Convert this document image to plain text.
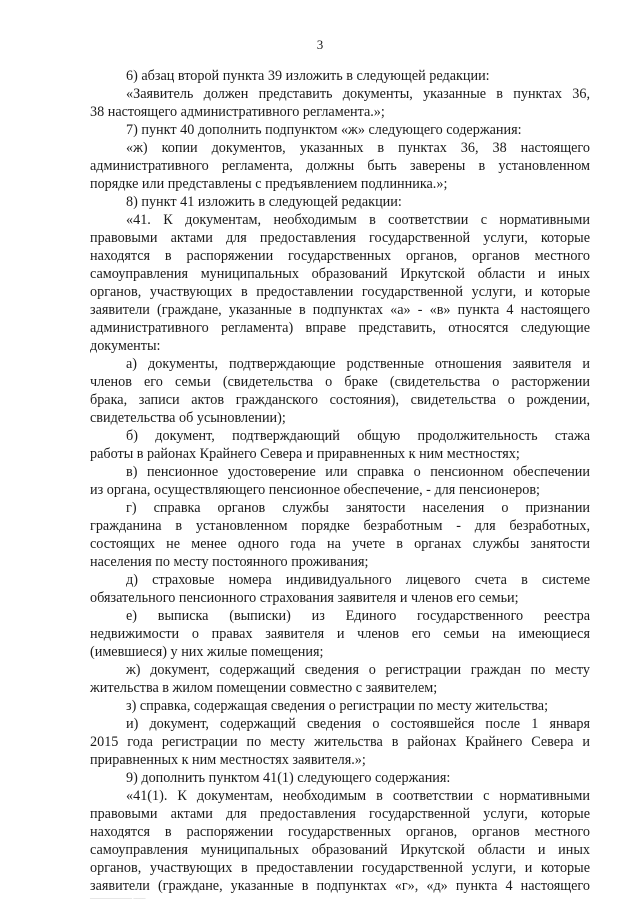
3
6) абзац второй пункта 39 изложить в следующей редакции:
«Заявитель должен представить документы, указанные в пунктах 36,
38 настоящего административного регламента.»;
7) пункт 40 дополнить подпунктом «ж» следующего содержания:
«ж) копии документов, указанных в пунктах 36, 38 настоящего
административного регламента, должны быть заверены в установленном
порядке или представлены с предъявлением подлинника.»;
8) пункт 41 изложить в следующей редакции:
«41. К документам, необходимым в соответствии с нормативными
правовыми актами для предоставления государственной услуги, которые
находятся в распоряжении государственных органов, органов местного
самоуправления муниципальных образований Иркутской области и иных
органов, участвующих в предоставлении государственной услуги, и которые
заявители (граждане, указанные в подпунктах «а» - «в» пункта 4 настоящего
административного регламента) вправе представить, относятся следующие
документы:
а) документы, подтверждающие родственные отношения заявителя и
членов его семьи (свидетельства о браке (свидетельства о расторжении
брака, записи актов гражданского состояния), свидетельства о рождении,
свидетельства об усыновлении);
б) документ, подтверждающий общую продолжительность стажа
работы в районах Крайнего Севера и приравненных к ним местностях;
в) пенсионное удостоверение или справка о пенсионном обеспечении
из органа, осуществляющего пенсионное обеспечение, - для пенсионеров;
г) справка органов службы занятости населения о признании
гражданина в установленном порядке безработным - для безработных,
состоящих не менее одного года на учете в органах службы занятости
населения по месту постоянного проживания;
д) страховые номера индивидуального лицевого счета в системе
обязательного пенсионного страхования заявителя и членов его семьи;
е) выписка (выписки) из Единого государственного реестра
недвижимости о правах заявителя и членов его семьи на имеющиеся
(имевшиеся) у них жилые помещения;
ж) документ, содержащий сведения о регистрации граждан по месту
жительства в жилом помещении совместно с заявителем;
з) справка, содержащая сведения о регистрации по месту жительства;
и) документ, содержащий сведения о состоявшейся после 1 января
2015 года регистрации по месту жительства в районах Крайнего Севера и
приравненных к ним местностях заявителя.»;
9) дополнить пунктом 41(1) следующего содержания:
«41(1). К документам, необходимым в соответствии с нормативными
правовыми актами для предоставления государственной услуги, которые
находятся в распоряжении государственных органов, органов местного
самоуправления муниципальных образований Иркутской области и иных
органов, участвующих в предоставлении государственной услуги, и которые
заявители (граждане, указанные в подпунктах «г», «д» пункта 4 настоящего
______________ ____
